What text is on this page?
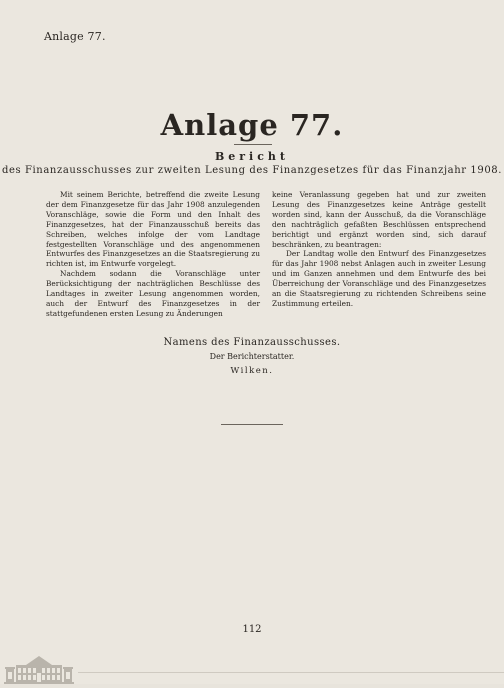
Anlage 77.
Anlage 77.
Bericht
des Finanzausschusses zur zweiten Lesung des Finanzgesetzes für das Finanzjahr 1908.

Mit seinem Berichte, betreffend die zweite Lesung der dem Finanzgesetze für das Jahr 1908 anzulegenden Voranschläge, sowie die Form und den Inhalt des Finanzgesetzes, hat der Finanzausschuß bereits das Schreiben, welches infolge der vom Landtage festgestellten Voranschläge und des angenommenen Entwurfes des Finanzgesetzes an die Staatsregierung zu richten ist, im Entwurfe vorgelegt.

Nachdem sodann die Voranschläge unter Berücksichtigung der nachträglichen Beschlüsse des Landtages in zweiter Lesung angenommen worden, auch der Entwurf des Finanzgesetzes in der stattgefundenen ersten Lesung zu Änderungen

keine Veranlassung gegeben hat und zur zweiten Lesung des Finanzgesetzes keine Anträge gestellt worden sind, kann der Ausschuß, da die Voranschläge den nachträglich gefaßten Beschlüssen entsprechend berichtigt und ergänzt worden sind, sich darauf beschränken, zu beantragen:

Der Landtag wolle den Entwurf des Finanzgesetzes für das Jahr 1908 nebst Anlagen auch in zweiter Lesung und im Ganzen annehmen und dem Entwurfe des bei Überreichung der Voranschläge und des Finanzgesetzes an die Staatsregierung zu richtenden Schreibens seine Zustimmung erteilen.

Namens des Finanzausschusses.
Der Berichterstatter.
Wilken.
112
